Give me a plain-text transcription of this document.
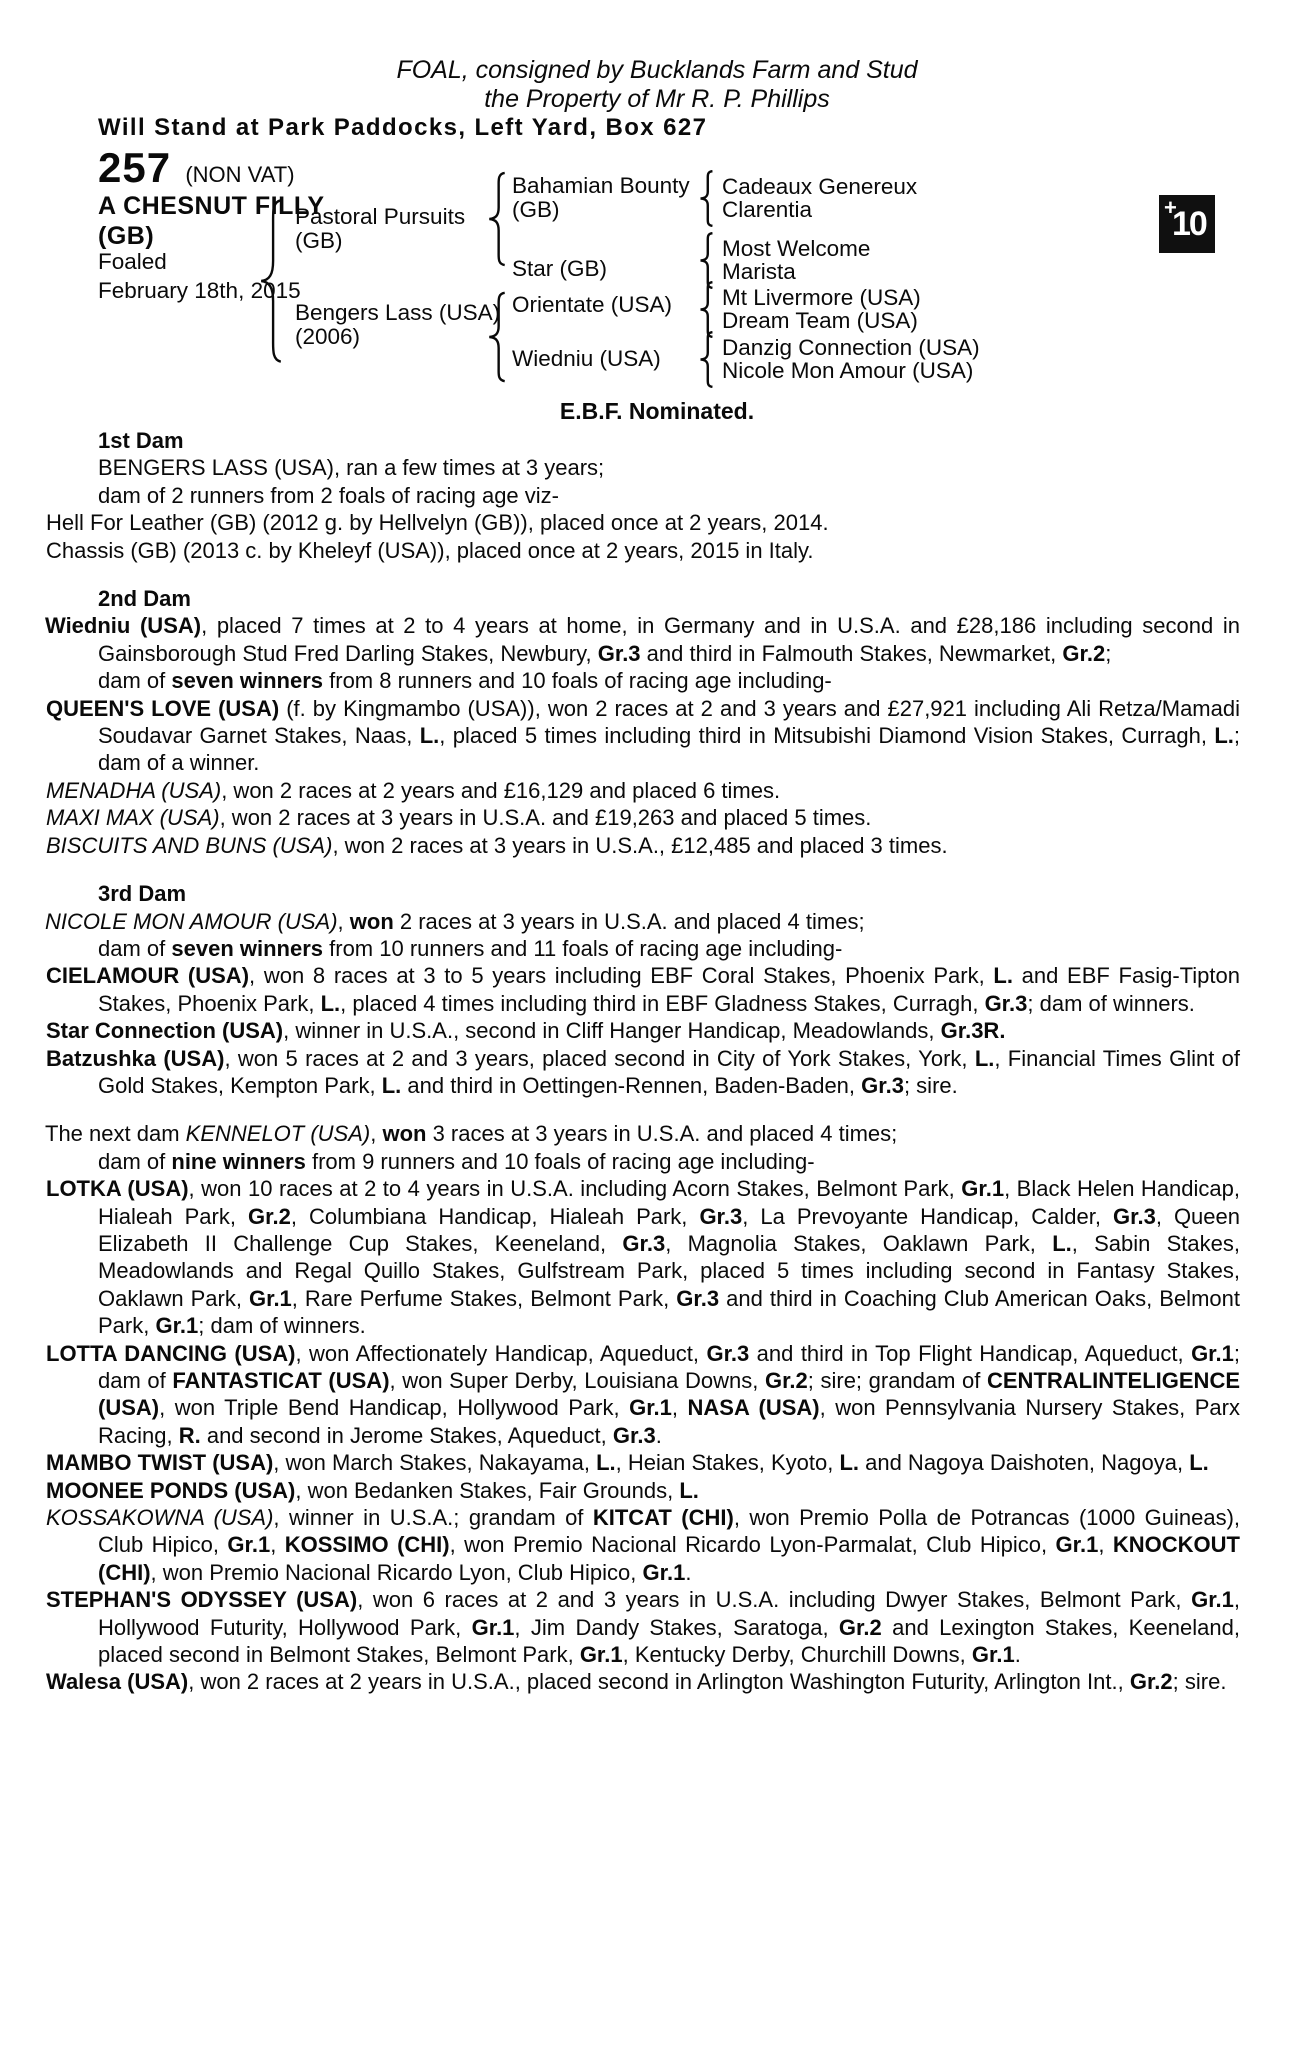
FOAL, consigned by Bucklands Farm and Stud
the Property of Mr R. P. Phillips
Will Stand at Park Paddocks, Left Yard, Box 627
+
10
257 (NON VAT)
A CHESNUT FILLY
(GB)
Foaled
February 18th, 2015
Pastoral Pursuits
(GB)
Bengers Lass (USA)
(2006)
Bahamian Bounty
(GB)
Star (GB)
Orientate (USA)
Wiedniu (USA)
Cadeaux Genereux
Clarentia
Most Welcome
Marista
Mt Livermore (USA)
Dream Team (USA)
Danzig Connection (USA)
Nicole Mon Amour (USA)
E.B.F. Nominated.

1st Dam

BENGERS LASS (USA), ran a few times at 3 years;

dam of 2 runners from 2 foals of racing age viz-

Hell For Leather (GB) (2012 g. by Hellvelyn (GB)), placed once at 2 years, 2014.

Chassis (GB) (2013 c. by Kheleyf (USA)), placed once at 2 years, 2015 in Italy.

2nd Dam

Wiedniu (USA), placed 7 times at 2 to 4 years at home, in Germany and in U.S.A. and £28,186 including second in Gainsborough Stud Fred Darling Stakes, Newbury, Gr.3 and third in Falmouth Stakes, Newmarket, Gr.2;

dam of seven winners from 8 runners and 10 foals of racing age including-

QUEEN'S LOVE (USA) (f. by Kingmambo (USA)), won 2 races at 2 and 3 years and £27,921 including Ali Retza/Mamadi Soudavar Garnet Stakes, Naas, L., placed 5 times including third in Mitsubishi Diamond Vision Stakes, Curragh, L.; dam of a winner.

MENADHA (USA), won 2 races at 2 years and £16,129 and placed 6 times.

MAXI MAX (USA), won 2 races at 3 years in U.S.A. and £19,263 and placed 5 times.

BISCUITS AND BUNS (USA), won 2 races at 3 years in U.S.A., £12,485 and placed 3 times.

3rd Dam

NICOLE MON AMOUR (USA), won 2 races at 3 years in U.S.A. and placed 4 times;

dam of seven winners from 10 runners and 11 foals of racing age including-

CIELAMOUR (USA), won 8 races at 3 to 5 years including EBF Coral Stakes, Phoenix Park, L. and EBF Fasig-Tipton Stakes, Phoenix Park, L., placed 4 times including third in EBF Gladness Stakes, Curragh, Gr.3; dam of winners.

Star Connection (USA), winner in U.S.A., second in Cliff Hanger Handicap, Meadowlands, Gr.3R.

Batzushka (USA), won 5 races at 2 and 3 years, placed second in City of York Stakes, York, L., Financial Times Glint of Gold Stakes, Kempton Park, L. and third in Oettingen-Rennen, Baden-Baden, Gr.3; sire.

The next dam KENNELOT (USA), won 3 races at 3 years in U.S.A. and placed 4 times;

dam of nine winners from 9 runners and 10 foals of racing age including-

LOTKA (USA), won 10 races at 2 to 4 years in U.S.A. including Acorn Stakes, Belmont Park, Gr.1, Black Helen Handicap, Hialeah Park, Gr.2, Columbiana Handicap, Hialeah Park, Gr.3, La Prevoyante Handicap, Calder, Gr.3, Queen Elizabeth II Challenge Cup Stakes, Keeneland, Gr.3, Magnolia Stakes, Oaklawn Park, L., Sabin Stakes, Meadowlands and Regal Quillo Stakes, Gulfstream Park, placed 5 times including second in Fantasy Stakes, Oaklawn Park, Gr.1, Rare Perfume Stakes, Belmont Park, Gr.3 and third in Coaching Club American Oaks, Belmont Park, Gr.1; dam of winners.

LOTTA DANCING (USA), won Affectionately Handicap, Aqueduct, Gr.3 and third in Top Flight Handicap, Aqueduct, Gr.1; dam of FANTASTICAT (USA), won Super Derby, Louisiana Downs, Gr.2; sire; grandam of CENTRALINTELIGENCE (USA), won Triple Bend Handicap, Hollywood Park, Gr.1, NASA (USA), won Pennsylvania Nursery Stakes, Parx Racing, R. and second in Jerome Stakes, Aqueduct, Gr.3.

MAMBO TWIST (USA), won March Stakes, Nakayama, L., Heian Stakes, Kyoto, L. and Nagoya Daishoten, Nagoya, L.

MOONEE PONDS (USA), won Bedanken Stakes, Fair Grounds, L.

KOSSAKOWNA (USA), winner in U.S.A.; grandam of KITCAT (CHI), won Premio Polla de Potrancas (1000 Guineas), Club Hipico, Gr.1, KOSSIMO (CHI), won Premio Nacional Ricardo Lyon-Parmalat, Club Hipico, Gr.1, KNOCKOUT (CHI), won Premio Nacional Ricardo Lyon, Club Hipico, Gr.1.

STEPHAN'S ODYSSEY (USA), won 6 races at 2 and 3 years in U.S.A. including Dwyer Stakes, Belmont Park, Gr.1, Hollywood Futurity, Hollywood Park, Gr.1, Jim Dandy Stakes, Saratoga, Gr.2 and Lexington Stakes, Keeneland, placed second in Belmont Stakes, Belmont Park, Gr.1, Kentucky Derby, Churchill Downs, Gr.1.

Walesa (USA), won 2 races at 2 years in U.S.A., placed second in Arlington Washington Futurity, Arlington Int., Gr.2; sire.
